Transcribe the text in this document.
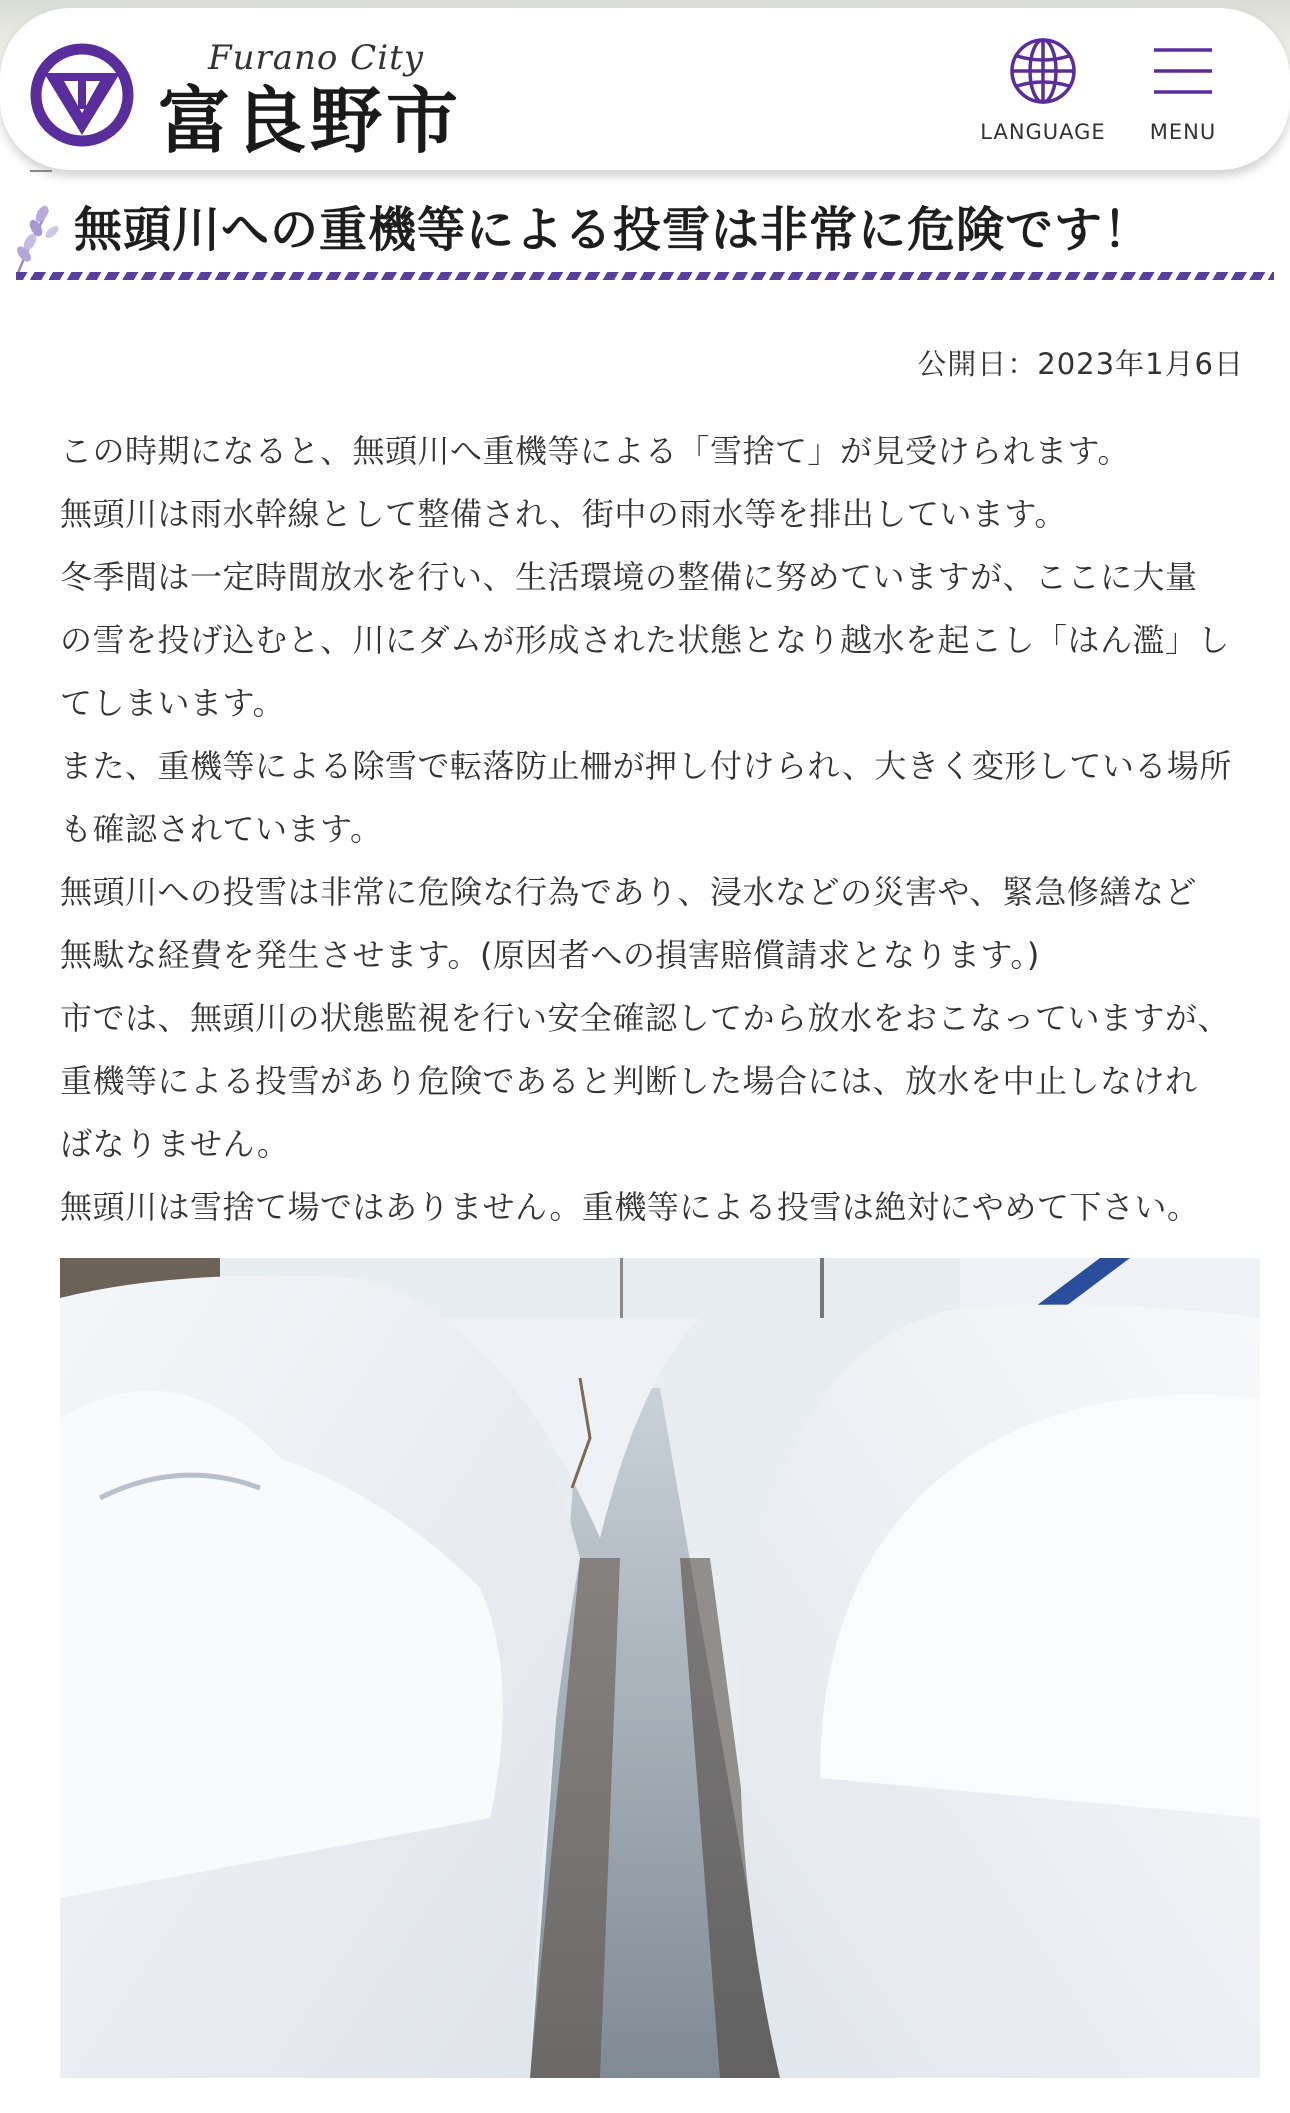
Furano City
富良野市	LANGUAGE	MENU
無頭川への重機等による投雪は非常に危険です！
公開日：2023年1月6日

この時期になると、無頭川へ重機等による「雪捨て」が見受けられます。

無頭川は雨水幹線として整備され、街中の雨水等を排出しています。

冬季間は一定時間放水を行い、生活環境の整備に努めていますが、ここに大量

の雪を投げ込むと、川にダムが形成された状態となり越水を起こし「はん濫」し

てしまいます。

また、重機等による除雪で転落防止柵が押し付けられ、大きく変形している場所

も確認されています。

無頭川への投雪は非常に危険な行為であり、浸水などの災害や、緊急修繕など

無駄な経費を発生させます。(原因者への損害賠償請求となります。)

市では、無頭川の状態監視を行い安全確認してから放水をおこなっていますが、

重機等による投雪があり危険であると判断した場合には、放水を中止しなけれ

ばなりません。

無頭川は雪捨て場ではありません。重機等による投雪は絶対にやめて下さい。
